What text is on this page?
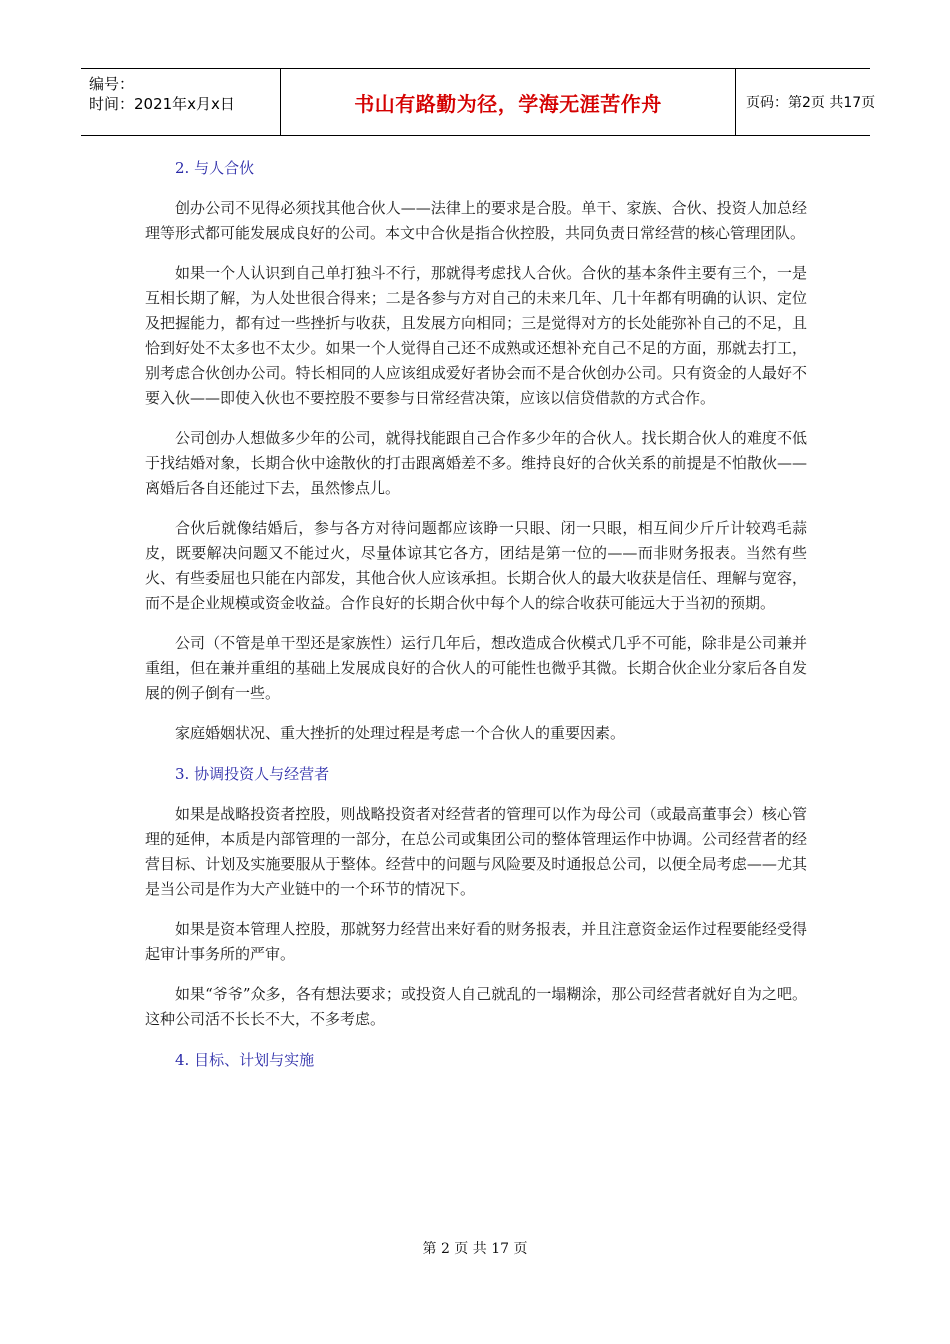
编号：
时间：2021年x月x日	书山有路勤为径，学海无涯苦作舟	页码：第2页 共17页

2. 与人合伙

创办公司不见得必须找其他合伙人——法律上的要求是合股。单干、家族、合伙、投资人加总经理等形式都可能发展成良好的公司。本文中合伙是指合伙控股，共同负责日常经营的核心管理团队。

如果一个人认识到自己单打独斗不行，那就得考虑找人合伙。合伙的基本条件主要有三个，一是互相长期了解，为人处世很合得来；二是各参与方对自己的未来几年、几十年都有明确的认识、定位及把握能力，都有过一些挫折与收获，且发展方向相同；三是觉得对方的长处能弥补自己的不足，且恰到好处不太多也不太少。如果一个人觉得自己还不成熟或还想补充自己不足的方面，那就去打工，别考虑合伙创办公司。特长相同的人应该组成爱好者协会而不是合伙创办公司。只有资金的人最好不要入伙——即使入伙也不要控股不要参与日常经营决策，应该以信贷借款的方式合作。

公司创办人想做多少年的公司，就得找能跟自己合作多少年的合伙人。找长期合伙人的难度不低于找结婚对象，长期合伙中途散伙的打击跟离婚差不多。维持良好的合伙关系的前提是不怕散伙——离婚后各自还能过下去，虽然惨点儿。

合伙后就像结婚后，参与各方对待问题都应该睁一只眼、闭一只眼，相互间少斤斤计较鸡毛蒜皮，既要解决问题又不能过火，尽量体谅其它各方，团结是第一位的——而非财务报表。当然有些火、有些委屈也只能在内部发，其他合伙人应该承担。长期合伙人的最大收获是信任、理解与宽容，而不是企业规模或资金收益。合作良好的长期合伙中每个人的综合收获可能远大于当初的预期。

公司（不管是单干型还是家族性）运行几年后，想改造成合伙模式几乎不可能，除非是公司兼并重组，但在兼并重组的基础上发展成良好的合伙人的可能性也微乎其微。长期合伙企业分家后各自发展的例子倒有一些。

家庭婚姻状况、重大挫折的处理过程是考虑一个合伙人的重要因素。

3. 协调投资人与经营者

如果是战略投资者控股，则战略投资者对经营者的管理可以作为母公司（或最高董事会）核心管理的延伸，本质是内部管理的一部分，在总公司或集团公司的整体管理运作中协调。公司经营者的经营目标、计划及实施要服从于整体。经营中的问题与风险要及时通报总公司，以便全局考虑——尤其是当公司是作为大产业链中的一个环节的情况下。

如果是资本管理人控股，那就努力经营出来好看的财务报表，并且注意资金运作过程要能经受得起审计事务所的严审。

如果“爷爷”众多，各有想法要求；或投资人自己就乱的一塌糊涂，那公司经营者就好自为之吧。这种公司活不长长不大，不多考虑。

4. 目标、计划与实施

第 2 页 共 17 页
